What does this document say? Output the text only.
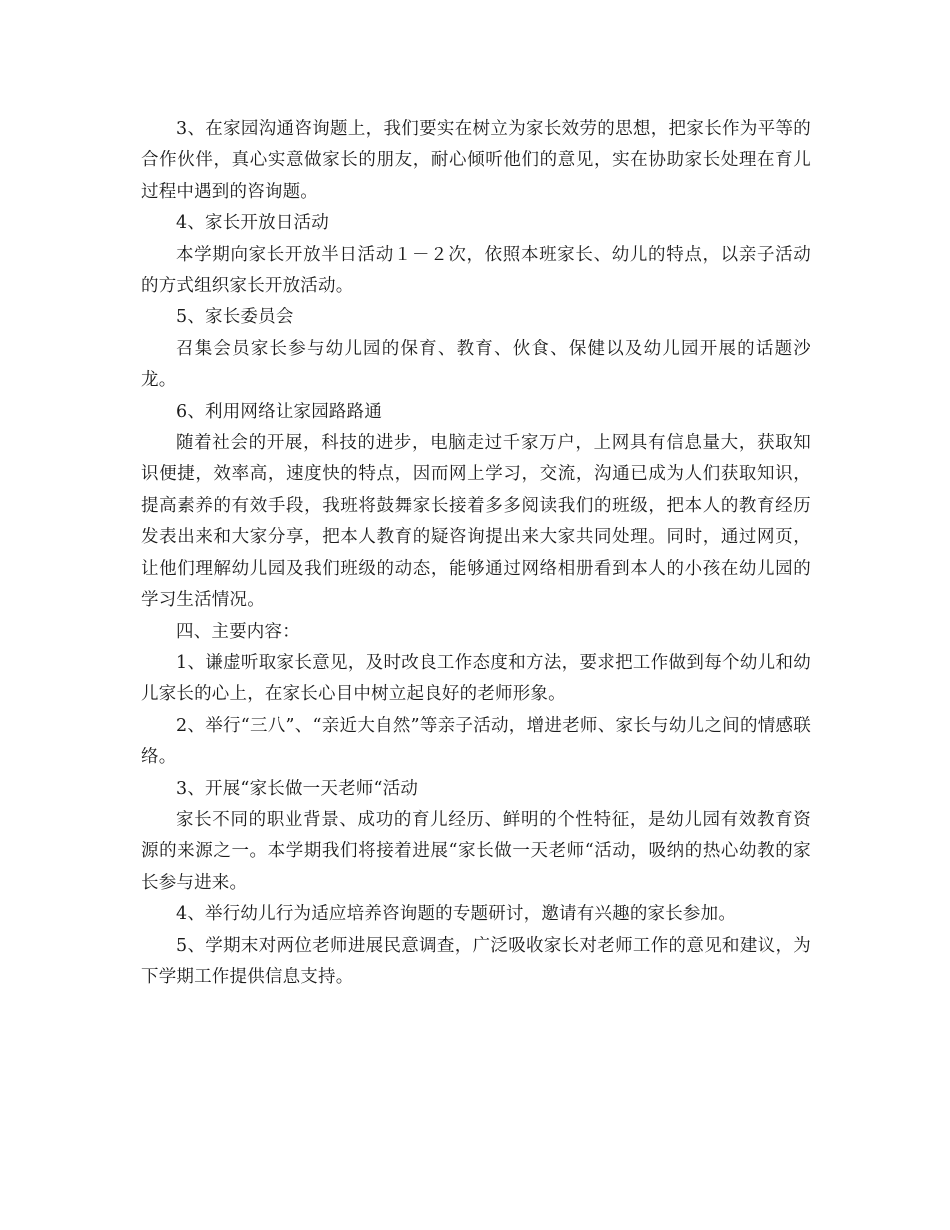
3、在家园沟通咨询题上，我们要实在树立为家长效劳的思想，把家长作为平等的合作伙伴，真心实意做家长的朋友，耐心倾听他们的意见，实在协助家长处理在育儿过程中遇到的咨询题。

4、家长开放日活动

本学期向家长开放半日活动１－２次，依照本班家长、幼儿的特点，以亲子活动的方式组织家长开放活动。

5、家长委员会

召集会员家长参与幼儿园的保育、教育、伙食、保健以及幼儿园开展的话题沙龙。

6、利用网络让家园路路通

随着社会的开展，科技的进步，电脑走过千家万户，上网具有信息量大，获取知识便捷，效率高，速度快的特点，因而网上学习，交流，沟通已成为人们获取知识，提高素养的有效手段，我班将鼓舞家长接着多多阅读我们的班级，把本人的教育经历发表出来和大家分享，把本人教育的疑咨询提出来大家共同处理。同时，通过网页，让他们理解幼儿园及我们班级的动态，能够通过网络相册看到本人的小孩在幼儿园的学习生活情况。

四、主要内容：

1、谦虚听取家长意见，及时改良工作态度和方法，要求把工作做到每个幼儿和幼儿家长的心上，在家长心目中树立起良好的老师形象。

2、举行“三八”、“亲近大自然”等亲子活动，增进老师、家长与幼儿之间的情感联络。

3、开展“家长做一天老师“活动

家长不同的职业背景、成功的育儿经历、鲜明的个性特征，是幼儿园有效教育资源的来源之一。本学期我们将接着进展“家长做一天老师“活动，吸纳的热心幼教的家长参与进来。

4、举行幼儿行为适应培养咨询题的专题研讨，邀请有兴趣的家长参加。

5、学期末对两位老师进展民意调查，广泛吸收家长对老师工作的意见和建议，为下学期工作提供信息支持。
